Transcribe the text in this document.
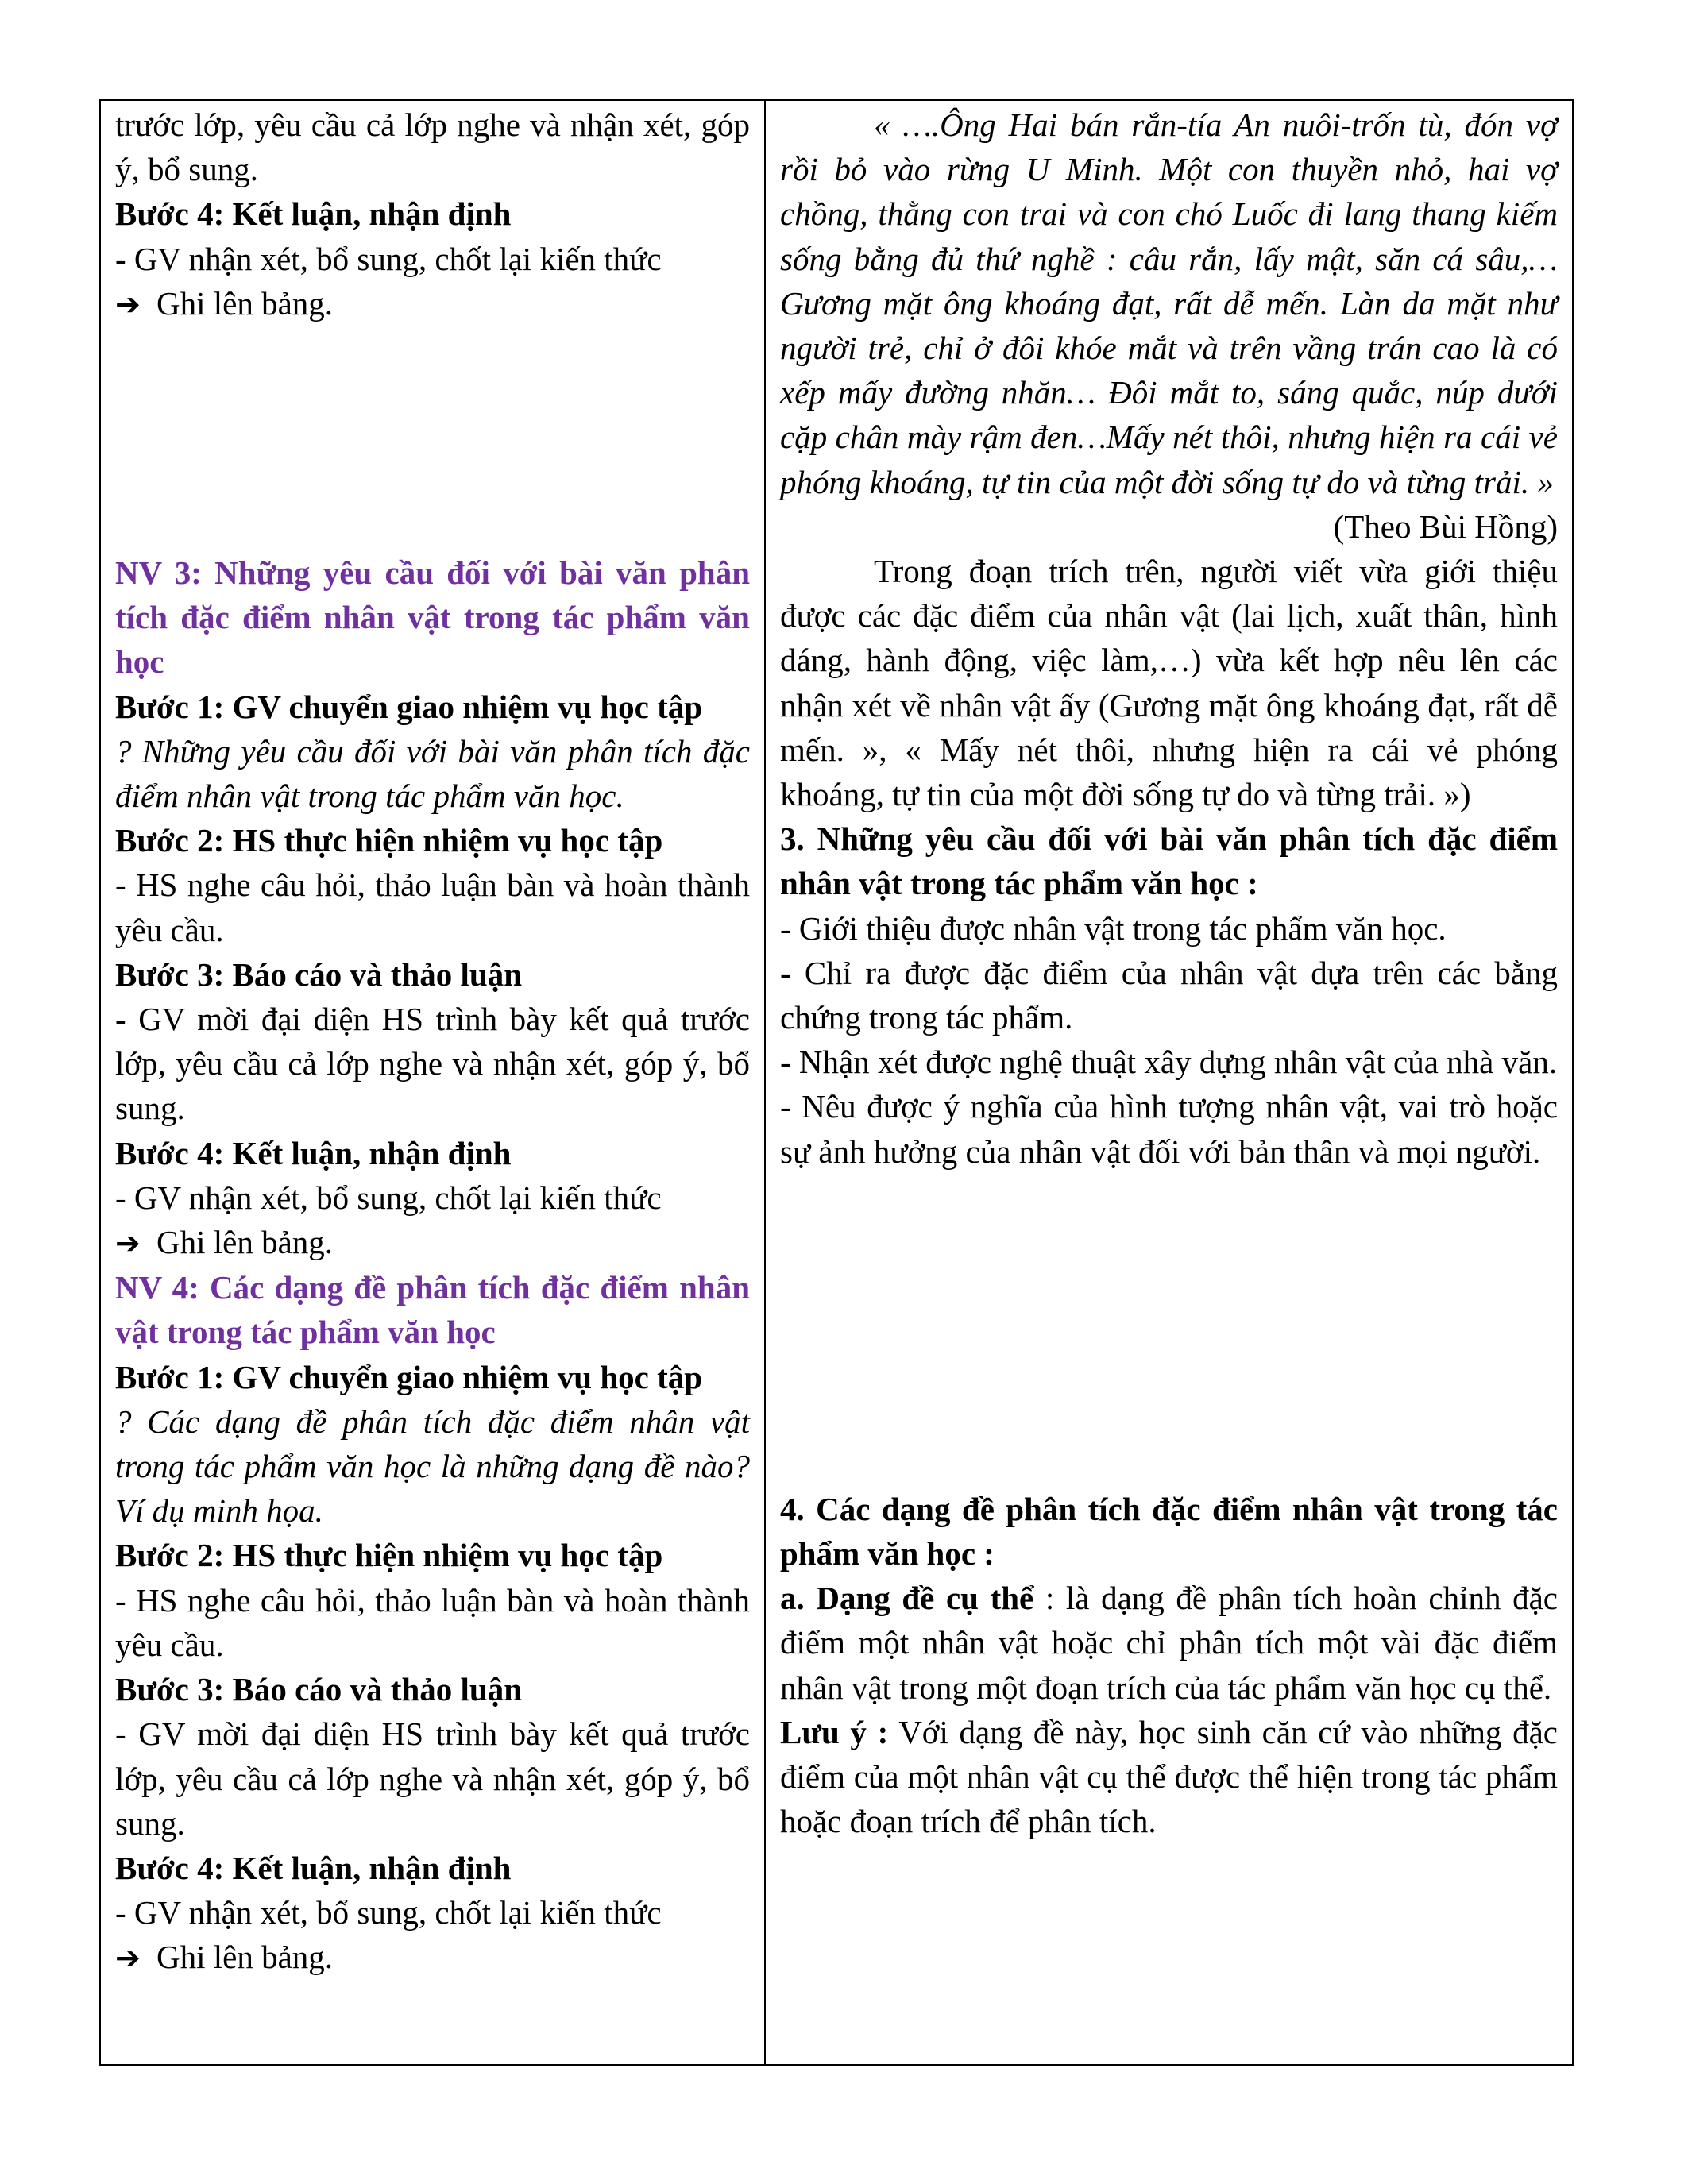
trước lớp, yêu cầu cả lớp nghe và nhận xét, góp ý, bổ sung.

Bước 4: Kết luận, nhận định

- GV nhận xét, bổ sung, chốt lại kiến thức

➔ Ghi lên bảng.

NV 3: Những yêu cầu đối với bài văn phân tích đặc điểm nhân vật trong tác phẩm văn học

Bước 1: GV chuyển giao nhiệm vụ học tập

? Những yêu cầu đối với bài văn phân tích đặc điểm nhân vật trong tác phẩm văn học.

Bước 2: HS thực hiện nhiệm vụ học tập

- HS nghe câu hỏi, thảo luận bàn và hoàn thành yêu cầu.

Bước 3: Báo cáo và thảo luận

- GV mời đại diện HS trình bày kết quả trước lớp, yêu cầu cả lớp nghe và nhận xét, góp ý, bổ sung.

Bước 4: Kết luận, nhận định

- GV nhận xét, bổ sung, chốt lại kiến thức

➔ Ghi lên bảng.

NV 4: Các dạng đề phân tích đặc điểm nhân vật trong tác phẩm văn học

Bước 1: GV chuyển giao nhiệm vụ học tập

? Các dạng đề phân tích đặc điểm nhân vật trong tác phẩm văn học là những dạng đề nào? Ví dụ minh họa.

Bước 2: HS thực hiện nhiệm vụ học tập

- HS nghe câu hỏi, thảo luận bàn và hoàn thành yêu cầu.

Bước 3: Báo cáo và thảo luận

- GV mời đại diện HS trình bày kết quả trước lớp, yêu cầu cả lớp nghe và nhận xét, góp ý, bổ sung.

Bước 4: Kết luận, nhận định

- GV nhận xét, bổ sung, chốt lại kiến thức

➔ Ghi lên bảng.

« ….Ông Hai bán rắn-tía An nuôi-trốn tù, đón vợ rồi bỏ vào rừng U Minh. Một con thuyền nhỏ, hai vợ chồng, thằng con trai và con chó Luốc đi lang thang kiếm sống bằng đủ thứ nghề : câu rắn, lấy mật, săn cá sâu,…Gương mặt ông khoáng đạt, rất dễ mến. Làn da mặt như người trẻ, chỉ ở đôi khóe mắt và trên vầng trán cao là có xếp mấy đường nhăn… Đôi mắt to, sáng quắc, núp dưới cặp chân mày rậm đen…Mấy nét thôi, nhưng hiện ra cái vẻ phóng khoáng, tự tin của một đời sống tự do và từng trải. »

(Theo Bùi Hồng)

Trong đoạn trích trên, người viết vừa giới thiệu được các đặc điểm của nhân vật (lai lịch, xuất thân, hình dáng, hành động, việc làm,…) vừa kết hợp nêu lên các nhận xét về nhân vật ấy (Gương mặt ông khoáng đạt, rất dễ mến. », « Mấy nét thôi, nhưng hiện ra cái vẻ phóng khoáng, tự tin của một đời sống tự do và từng trải. »)

3. Những yêu cầu đối với bài văn phân tích đặc điểm nhân vật trong tác phẩm văn học :

- Giới thiệu được nhân vật trong tác phẩm văn học.

- Chỉ ra được đặc điểm của nhân vật dựa trên các bằng chứng trong tác phẩm.

- Nhận xét được nghệ thuật xây dựng nhân vật của nhà văn.

- Nêu được ý nghĩa của hình tượng nhân vật, vai trò hoặc sự ảnh hưởng của nhân vật đối với bản thân và mọi người.

4. Các dạng đề phân tích đặc điểm nhân vật trong tác phẩm văn học :

a. Dạng đề cụ thể : là dạng đề phân tích hoàn chỉnh đặc điểm một nhân vật hoặc chỉ phân tích một vài đặc điểm nhân vật trong một đoạn trích của tác phẩm văn học cụ thể.

Lưu ý : Với dạng đề này, học sinh căn cứ vào những đặc điểm của một nhân vật cụ thể được thể hiện trong tác phẩm hoặc đoạn trích để phân tích.
